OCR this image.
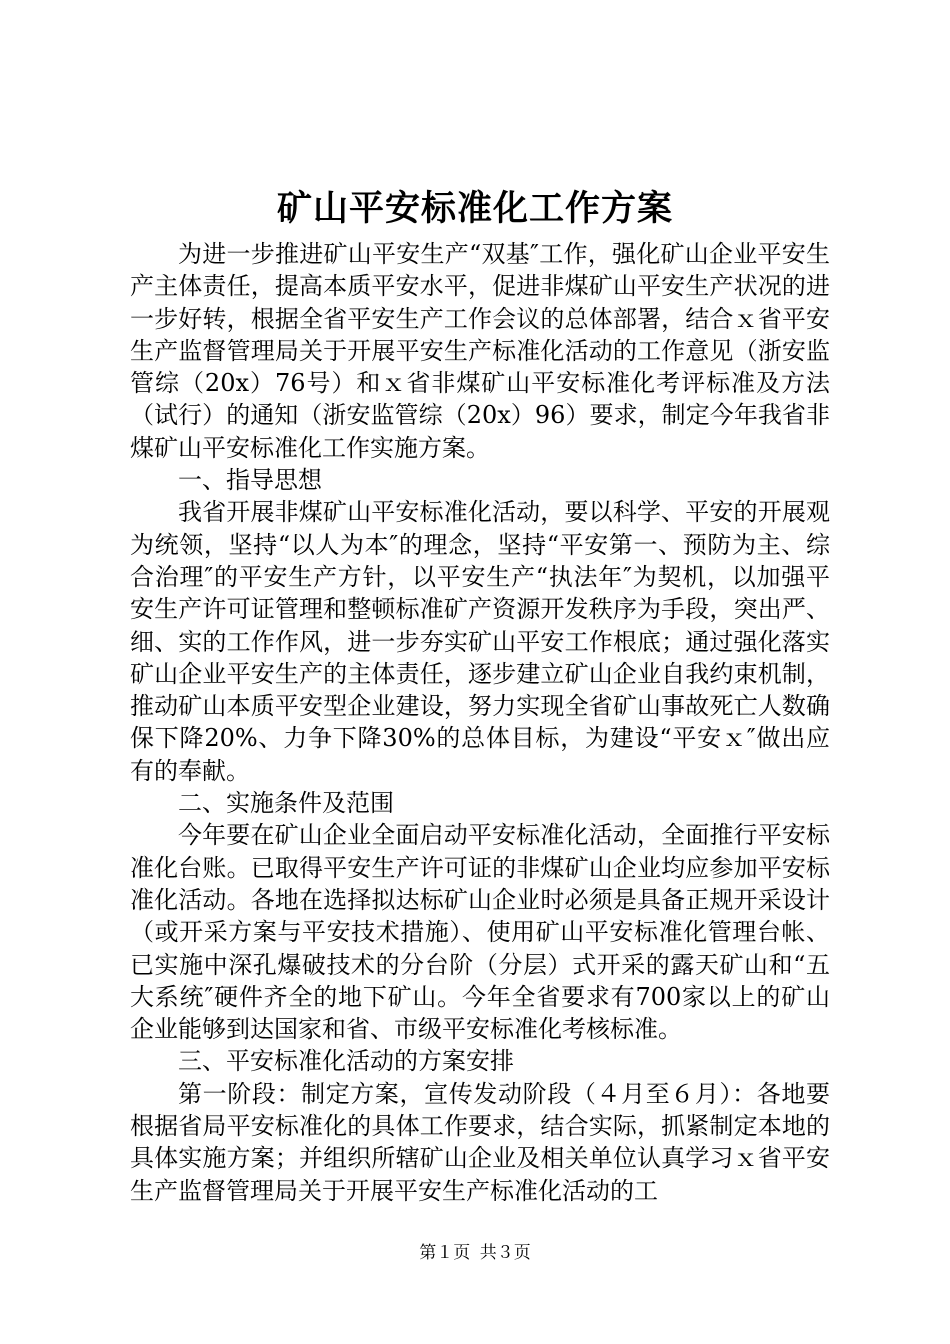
矿山平安标准化工作方案

为进一步推进矿山平安生产“双基″工作，强化矿山企业平安生产主体责任，提高本质平安水平，促进非煤矿山平安生产状况的进一步好转，根据全省平安生产工作会议的总体部署，结合ｘ省平安生产监督管理局关于开展平安生产标准化活动的工作意见（浙安监管综（20x）76号）和ｘ省非煤矿山平安标准化考评标准及方法（试行）的通知（浙安监管综（20x）96）要求，制定今年我省非煤矿山平安标准化工作实施方案。

一、指导思想

我省开展非煤矿山平安标准化活动，要以科学、平安的开展观为统领，坚持“以人为本″的理念，坚持“平安第一、预防为主、综合治理″的平安生产方针，以平安生产“执法年″为契机，以加强平安生产许可证管理和整顿标准矿产资源开发秩序为手段，突出严、细、实的工作作风，进一步夯实矿山平安工作根底；通过强化落实矿山企业平安生产的主体责任，逐步建立矿山企业自我约束机制，推动矿山本质平安型企业建设，努力实现全省矿山事故死亡人数确保下降20%、力争下降30%的总体目标，为建设“平安ｘ″做出应有的奉献。

二、实施条件及范围

今年要在矿山企业全面启动平安标准化活动，全面推行平安标准化台账。已取得平安生产许可证的非煤矿山企业均应参加平安标准化活动。各地在选择拟达标矿山企业时必须是具备正规开采设计（或开采方案与平安技术措施）、使用矿山平安标准化管理台帐、已实施中深孔爆破技术的分台阶（分层）式开采的露天矿山和“五大系统″硬件齐全的地下矿山。今年全省要求有700家以上的矿山企业能够到达国家和省、市级平安标准化考核标准。

三、平安标准化活动的方案安排

第一阶段：制定方案，宣传发动阶段（４月至６月）：各地要根据省局平安标准化的具体工作要求，结合实际，抓紧制定本地的具体实施方案；并组织所辖矿山企业及相关单位认真学习ｘ省平安生产监督管理局关于开展平安生产标准化活动的工

第１页 共３页
